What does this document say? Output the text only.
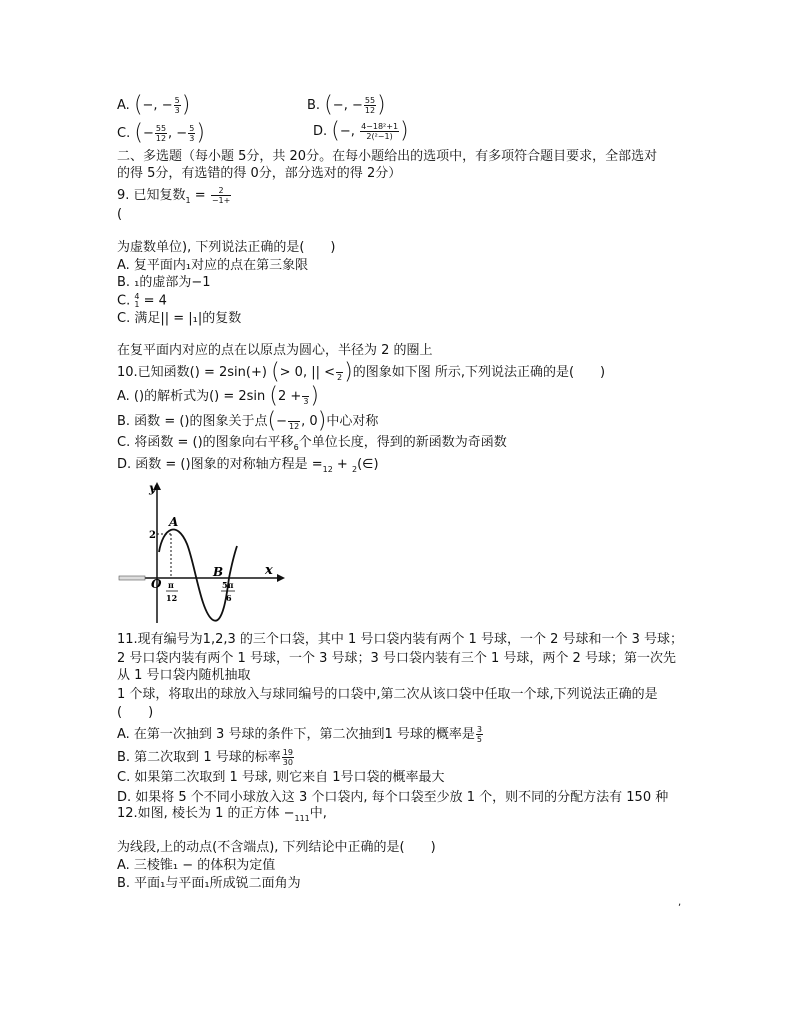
A. (−, − $\frac{5}{3}$ )	B. (−, − $\frac{55}{12}$ )
C. (− $\frac{55}{12}$ , − $\frac{5}{3}$ )	D. (−, $\frac{\text{4−18²+1}}{\text{2(²−1)}}$ )
二、多选题（每小题 5分，共 20分。在每小题给出的选项中，有多项符合题目要求，全部选对
的得 5分，有选错的得 0分，部分选对的得 2分）
9. 已知复数$_1 = \frac{2}{-1+}$
(
为虚数单位), 下列说法正确的是(　　)
A. 复平面内₁对应的点在第三象限
B. ₁的虚部为−1
C. 4
1 = 4
C. 满足|| = |₁|的复数
在复平面内对应的点在以原点为圆心，半径为 2 的圈上
10.已知函数() = 2sin(+) (> 0, || <
2 )的图象如下图 所示,下列说法正确的是(　　)
A. ()的解析式为() = 2sin (2 +
3 )
B. 函数 = ()的图象关于点(−
12 , 0)中心对称
C. 将函数 = ()的图象向右平移$_6$个单位长度，得到的新函数为奇函数
D. 函数 = ()图象的对称轴方程是 $=_{12}$ + $_2$(∈)
y
x
O
A
B
2
π
12
5π
6
11.现有编号为1,2,3 的三个口袋，其中 1 号口袋内装有两个 1 号球，一个 2 号球和一个 3 号球；
2 号口袋内装有两个 1 号球，一个 3 号球；3 号口袋内装有三个 1 号球，两个 2 号球；第一次先
从 1 号口袋内随机抽取
1 个球，将取出的球放入与球同编号的口袋中,第二次从该口袋中任取一个球,下列说法正确的是
(　　)
A. 在第一次抽到 3 号球的条件下，第二次抽到1 号球的概率是 $\frac{3}{5}$
B. 第二次取到 1 号球的标率 $\frac{19}{30}$
C. 如果第二次取到 1 号球, 则它来自 1号口袋的概率最大
D. 如果将 5 个不同小球放入这 3 个口袋内, 每个口袋至少放 1 个，则不同的分配方法有 150 种
12.如图, 棱长为 1 的正方体 $-_{111}$中,
为线段,上的动点(不含端点), 下列结论中正确的是(　　)
A. 三棱锥₁ − 的体积为定值
B. 平面₁与平面₁所成锐二面角为
,
